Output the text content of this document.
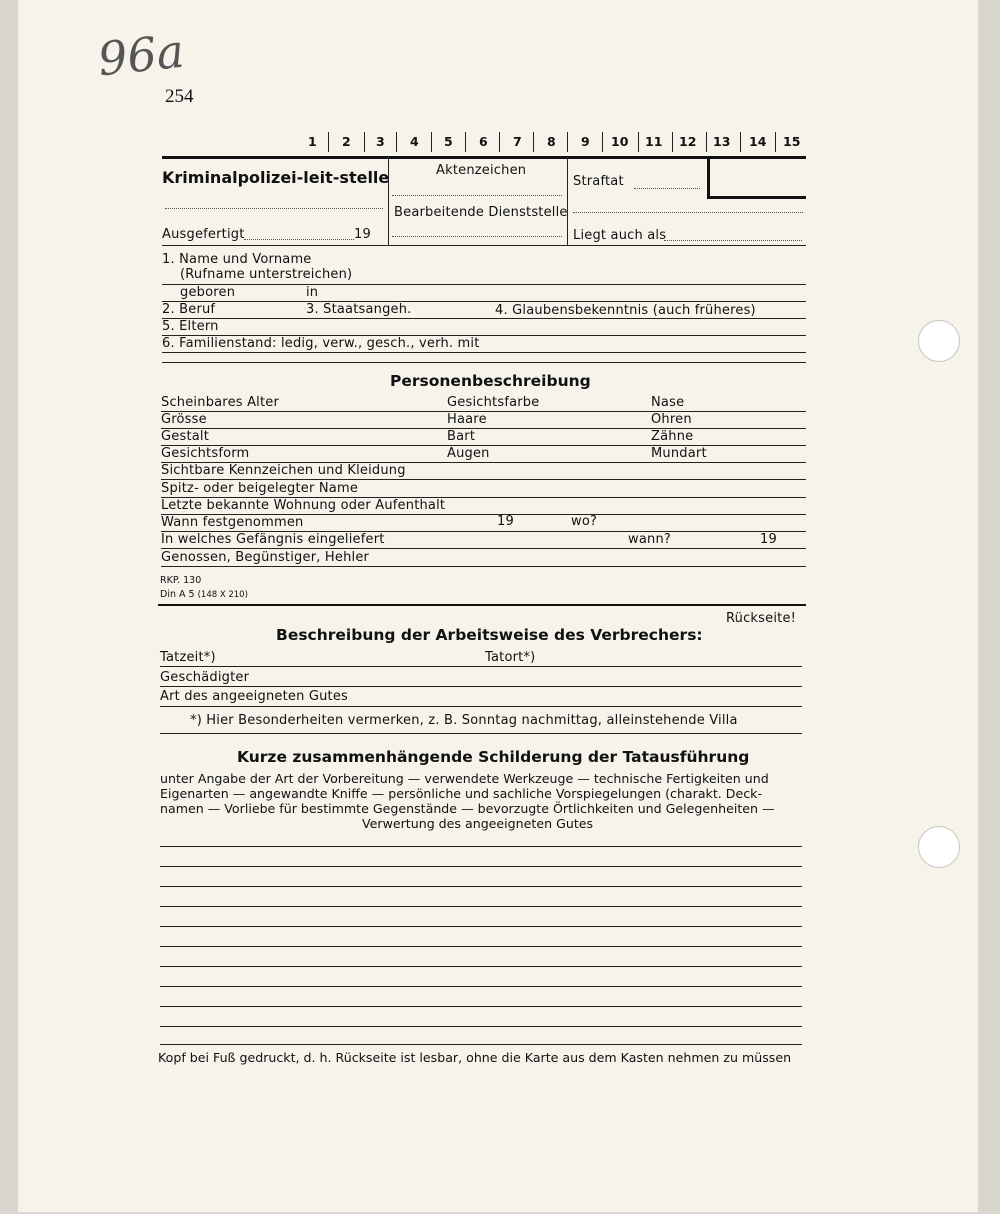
96a
254
1 2 3 4 5 6 7 8 9 10 11 12 13 14 15
Kriminalpolizei-leit-stelle	Aktenzeichen
Straftat
Bearbeitende Dienststelle
Ausgefertigt	19	Liegt auch als
1. Name und Vorname
(Rufname unterstreichen)
geboren	in
2. Beruf	3. Staatsangeh.	4. Glaubensbekenntnis (auch früheres)
5. Eltern
6. Familienstand: ledig, verw., gesch., verh. mit
Personenbeschreibung
Scheinbares Alter	Gesichtsfarbe	Nase
Grösse	Haare	Ohren
Gestalt	Bart	Zähne
Gesichtsform	Augen	Mundart
Sichtbare Kennzeichen und Kleidung
Spitz- oder beigelegter Name
Letzte bekannte Wohnung oder Aufenthalt
Wann festgenommen	19	wo?
In welches Gefängnis eingeliefert	wann?	19
Genossen, Begünstiger, Hehler
RKP. 130
Din A 5 (148 X 210)
Rückseite!
Beschreibung der Arbeitsweise des Verbrechers:
Tatzeit*)	Tatort*)
Geschädigter
Art des angeeigneten Gutes
*) Hier Besonderheiten vermerken, z. B. Sonntag nachmittag, alleinstehende Villa
Kurze zusammenhängende Schilderung der Tatausführung
unter Angabe der Art der Vorbereitung — verwendete Werkzeuge — technische Fertigkeiten und
Eigenarten — angewandte Kniffe — persönliche und sachliche Vorspiegelungen (charakt. Deck-
namen — Vorliebe für bestimmte Gegenstände — bevorzugte Örtlichkeiten und Gelegenheiten —
Verwertung des angeeigneten Gutes
Kopf bei Fuß gedruckt, d. h. Rückseite ist lesbar, ohne die Karte aus dem Kasten nehmen zu müssen
